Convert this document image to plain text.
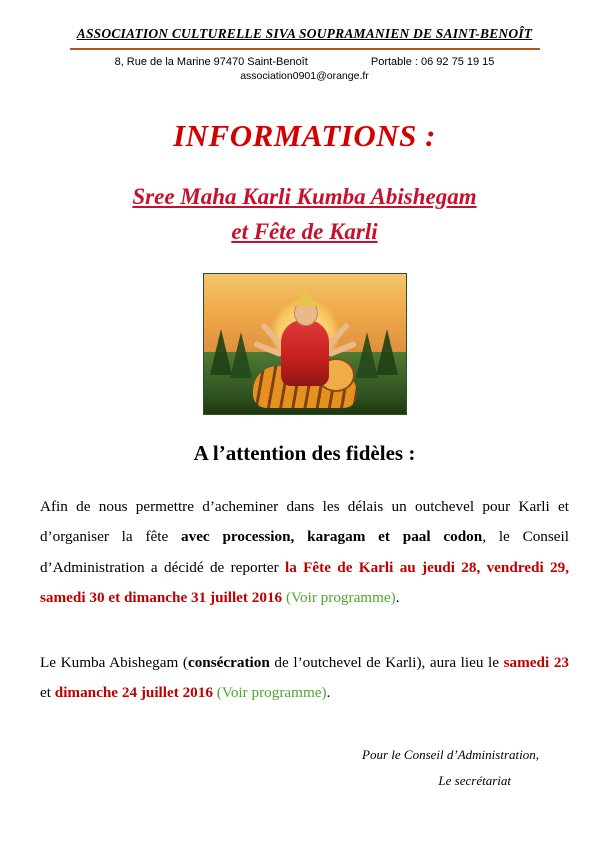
ASSOCIATION CULTURELLE SIVA SOUPRAMANIEN DE SAINT-BENOÎT
8, Rue de la Marine 97470 Saint-Benoît	Portable : 06 92 75 19 15
association0901@orange.fr
INFORMATIONS :
Sree Maha Karli Kumba Abishegam
et Fête de Karli
A l’attention des fidèles :
Afin de nous permettre d’acheminer dans les délais un outchevel pour Karli et d’organiser la fête avec procession, karagam et paal codon, le Conseil d’Administration a décidé de reporter la Fête de Karli au jeudi 28, vendredi 29, samedi 30 et dimanche 31 juillet 2016 (Voir programme).
Le Kumba Abishegam (consécration de l’outchevel de Karli), aura lieu le samedi 23 et dimanche 24 juillet 2016 (Voir programme).
Pour le Conseil d’Administration,
Le secrétariat
